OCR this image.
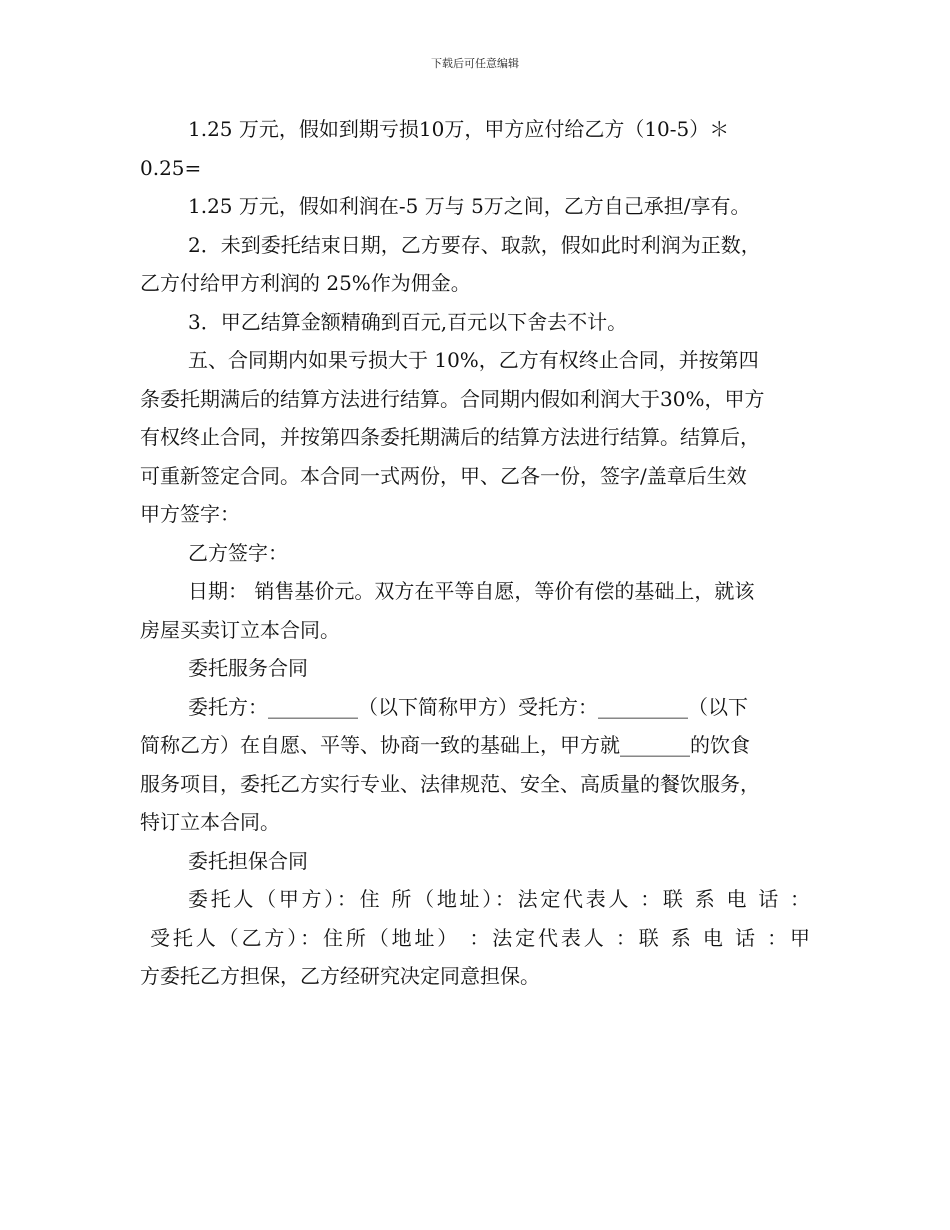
下载后可任意编辑
1.25 万元，假如到期亏损10万，甲方应付给乙方（10-5）＊
0.25=
1.25 万元，假如利润在-5 万与 5万之间，乙方自己承担/享有。
2．未到委托结束日期，乙方要存、取款，假如此时利润为正数，
乙方付给甲方利润的 25%作为佣金。
3．甲乙结算金额精确到百元,百元以下舍去不计。
五、合同期内如果亏损大于 10%，乙方有权终止合同，并按第四
条委托期满后的结算方法进行结算。合同期内假如利润大于30%，甲方
有权终止合同，并按第四条委托期满后的结算方法进行结算。结算后，
可重新签定合同。本合同一式两份，甲、乙各一份，签字/盖章后生效
甲方签字：
乙方签字：
日期： 销售基价元。双方在平等自愿，等价有偿的基础上，就该
房屋买卖订立本合同。
委托服务合同
委托方：_________（以下简称甲方）受托方：_________（以下
简称乙方）在自愿、平等、协商一致的基础上，甲方就_______的饮食
服务项目，委托乙方实行专业、法律规范、安全、高质量的餐饮服务，
特订立本合同。
委托担保合同
委托人（甲方）：住 所（地址）：法定代表人 ：联 系 电 话 ：
受托人（乙方）：住所（地址） ：法定代表人 ：联 系 电 话 ：甲
方委托乙方担保，乙方经研究决定同意担保。
